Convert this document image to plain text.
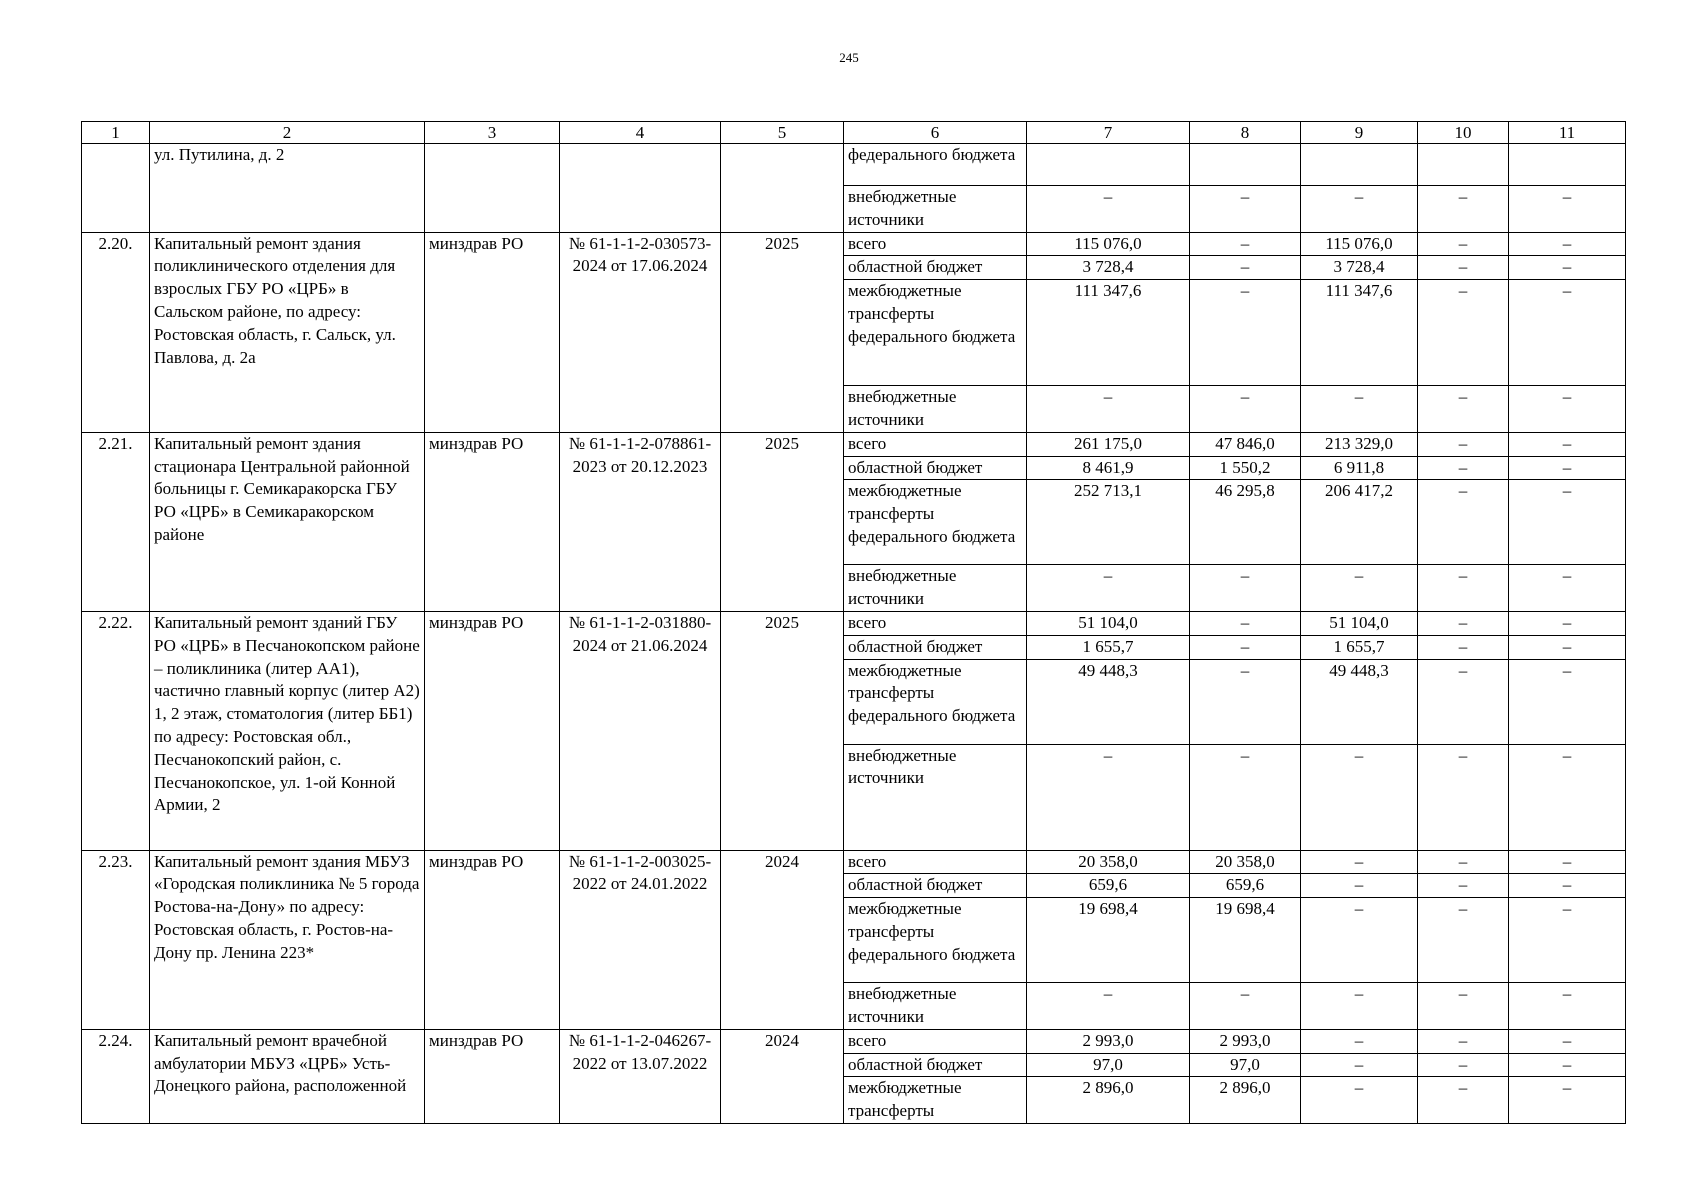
245
1	2	3	4	5	6	7	8	9	10	11
	ул. Путилина, д. 2				федерального бюджета					
					внебюджетные источники	–	–	–	–	–
2.20.	Капитальный ремонт здания поликлинического отделения для взрослых ГБУ РО «ЦРБ» в Сальском районе, по адресу: Ростовская область, г. Сальск, ул. Павлова, д. 2а	минздрав РО	№ 61-1-1-2-030573-2024 от 17.06.2024	2025	всего	115 076,0	–	115 076,0	–	–
					областной бюджет	3 728,4	–	3 728,4	–	–
					межбюджетные трансферты федерального бюджета	111 347,6	–	111 347,6	–	–
					внебюджетные источники	–	–	–	–	–
2.21.	Капитальный ремонт здания стационара Центральной районной больницы г. Семикаракорска ГБУ РО «ЦРБ» в Семикаракорском районе	минздрав РО	№ 61-1-1-2-078861-2023 от 20.12.2023	2025	всего	261 175,0	47 846,0	213 329,0	–	–
					областной бюджет	8 461,9	1 550,2	6 911,8	–	–
					межбюджетные трансферты федерального бюджета	252 713,1	46 295,8	206 417,2	–	–
					внебюджетные источники	–	–	–	–	–
2.22.	Капитальный ремонт зданий ГБУ РО «ЦРБ» в Песчанокопском районе – поликлиника (литер АА1), частично главный корпус (литер А2) 1, 2 этаж, стоматология (литер ББ1) по адресу: Ростовская обл., Песчанокопский район, с. Песчанокопское, ул. 1-ой Конной Армии, 2	минздрав РО	№ 61-1-1-2-031880-2024 от 21.06.2024	2025	всего	51 104,0	–	51 104,0	–	–
					областной бюджет	1 655,7	–	1 655,7	–	–
					межбюджетные трансферты федерального бюджета	49 448,3	–	49 448,3	–	–
					внебюджетные источники	–	–	–	–	–
2.23.	Капитальный ремонт здания МБУЗ «Городская поликлиника № 5 города Ростова-на-Дону» по адресу: Ростовская область, г. Ростов-на-Дону пр. Ленина 223*	минздрав РО	№ 61-1-1-2-003025-2022 от 24.01.2022	2024	всего	20 358,0	20 358,0	–	–	–
					областной бюджет	659,6	659,6	–	–	–
					межбюджетные трансферты федерального бюджета	19 698,4	19 698,4	–	–	–
					внебюджетные источники	–	–	–	–	–
2.24.	Капитальный ремонт врачебной амбулатории МБУЗ «ЦРБ» Усть-Донецкого района, расположенной	минздрав РО	№ 61-1-1-2-046267-2022 от 13.07.2022	2024	всего	2 993,0	2 993,0	–	–	–
					областной бюджет	97,0	97,0	–	–	–
					межбюджетные трансферты	2 896,0	2 896,0	–	–	–
